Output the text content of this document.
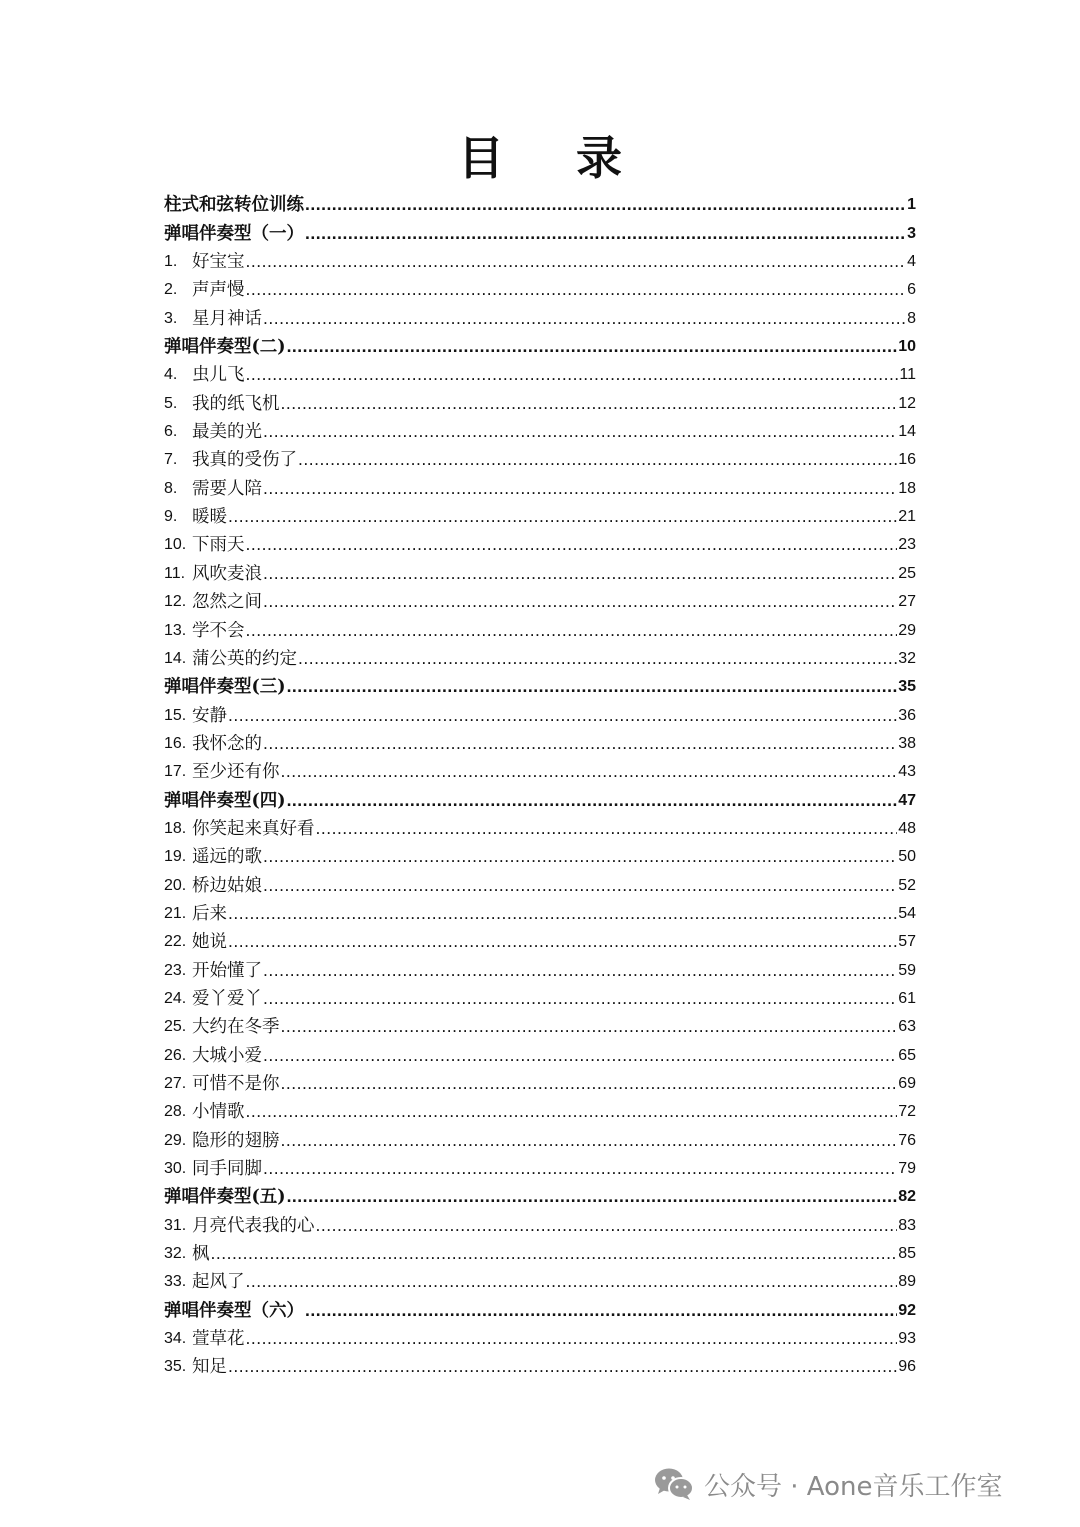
目 录
柱式和弦转位训练 .....	1
弹唱伴奏型（一） .....	3
1. 好宝宝 .....	4
2. 声声慢 .....	6
3. 星月神话 .....	8
弹唱伴奏型(二) .....	10
4. 虫儿飞 .....	11
5. 我的纸飞机 .....	12
6. 最美的光 .....	14
7. 我真的受伤了 .....	16
8. 需要人陪 .....	18
9. 暖暖 .....	21
10. 下雨天 .....	23
11. 风吹麦浪 .....	25
12. 忽然之间 .....	27
13. 学不会 .....	29
14. 蒲公英的约定 .....	32
弹唱伴奏型(三) .....	35
15. 安静 .....	36
16. 我怀念的 .....	38
17. 至少还有你 .....	43
弹唱伴奏型(四) .....	47
18. 你笑起来真好看 .....	48
19. 遥远的歌 .....	50
20. 桥边姑娘 .....	52
21. 后来 .....	54
22. 她说 .....	57
23. 开始懂了 .....	59
24. 爱丫爱丫 .....	61
25. 大约在冬季 .....	63
26. 大城小爱 .....	65
27. 可惜不是你 .....	69
28. 小情歌 .....	72
29. 隐形的翅膀 .....	76
30. 同手同脚 .....	79
弹唱伴奏型(五) .....	82
31. 月亮代表我的心 .....	83
32. 枫 .....	85
33. 起风了 .....	89
弹唱伴奏型（六） .....	92
34. 萱草花 .....	93
35. 知足 .....	96
公众号 · Aone音乐工作室
